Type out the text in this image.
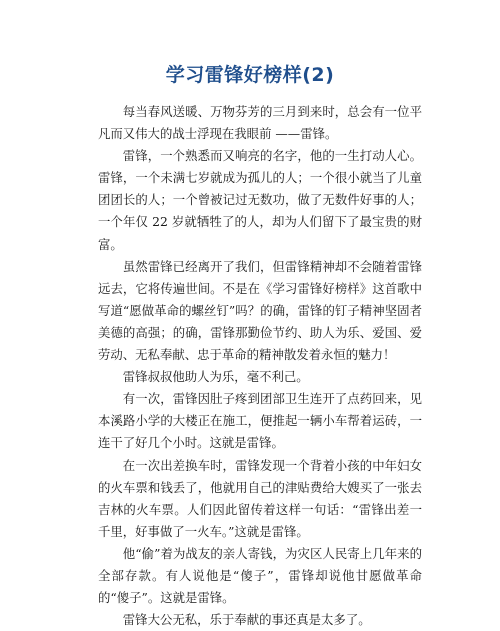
学习雷锋好榜样(2)

每当春风送暖、万物芬芳的三月到来时，总会有一位平凡而又伟大的战士浮现在我眼前 ——雷锋。

雷锋，一个熟悉而又响亮的名字，他的一生打动人心。雷锋，一个未满七岁就成为孤儿的人；一个很小就当了儿童团团长的人；一个曾被记过无数功，做了无数件好事的人；一个年仅 22 岁就牺牲了的人，却为人们留下了最宝贵的财富。

虽然雷锋已经离开了我们，但雷锋精神却不会随着雷锋远去，它将传遍世间。不是在《学习雷锋好榜样》这首歌中写道“愿做革命的螺丝钉”吗？的确，雷锋的钉子精神坚固者美德的高强；的确，雷锋那勤俭节约、助人为乐、爱国、爱劳动、无私奉献、忠于革命的精神散发着永恒的魅力！

雷锋叔叔他助人为乐，毫不利己。

有一次，雷锋因肚子疼到团部卫生连开了点药回来，见本溪路小学的大楼正在施工，便推起一辆小车帮着运砖，一连干了好几个小时。这就是雷锋。

在一次出差换车时，雷锋发现一个背着小孩的中年妇女的火车票和钱丢了，他就用自己的津贴费给大嫂买了一张去吉林的火车票。人们因此留传着这样一句话：“雷锋出差一千里，好事做了一火车。”这就是雷锋。

他“偷”着为战友的亲人寄钱，为灾区人民寄上几年来的全部存款。有人说他是“傻子”，雷锋却说他甘愿做革命的“傻子”。这就是雷锋。

雷锋大公无私，乐于奉献的事还真是太多了。
